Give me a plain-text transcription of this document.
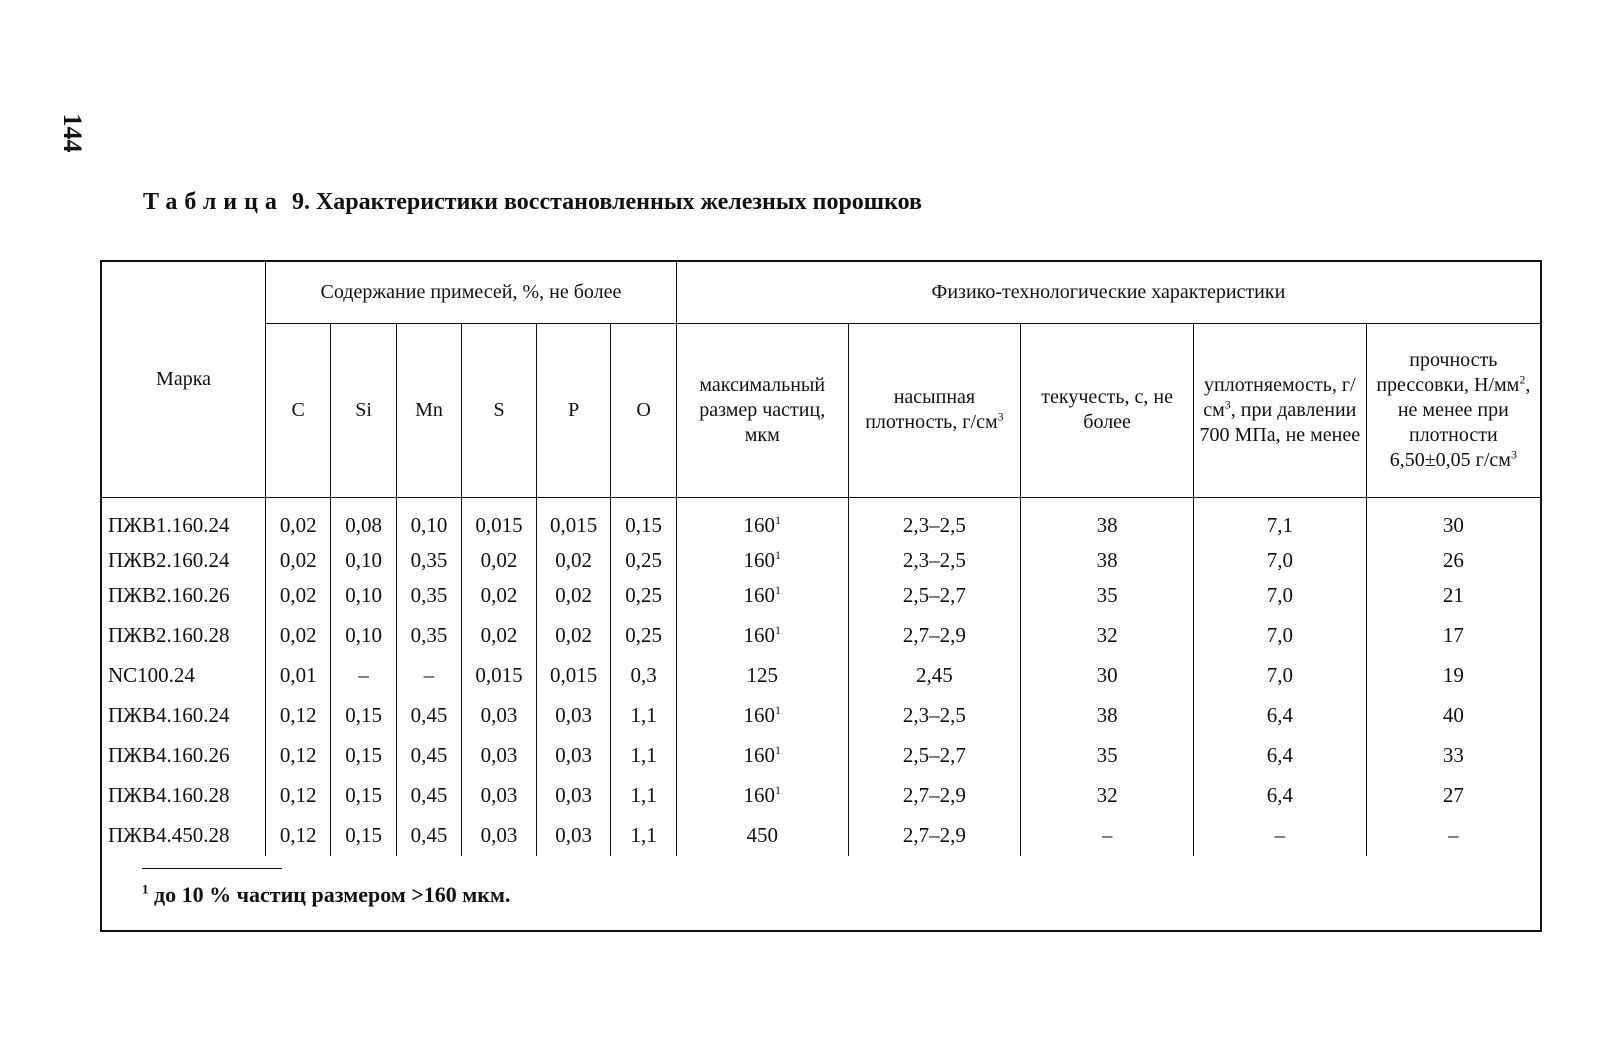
144
Таблица 9. Характеристики восстановленных железных порошков
Марка	Содержание примесей, %, не более						Физико-технологические характеристики				
	C	Si	Mn	S	P	O	максимальный размер частиц, мкм	насыпная плотность, $г/см^3$	текучесть, с, не более	уплотняемость, $г/см^3$, при давлении 700 МПа, не менее	прочность прессовки, $Н/мм^2$, не менее при плотности 6,50±0,05 $г/см^3$
ПЖВ1.160.24	0,02	0,08	0,10	0,015	0,015	0,15	$160^1$	2,3–2,5	38	7,1	30
ПЖВ2.160.24	0,02	0,10	0,35	0,02	0,02	0,25	$160^1$	2,3–2,5	38	7,0	26
ПЖВ2.160.26	0,02	0,10	0,35	0,02	0,02	0,25	$160^1$	2,5–2,7	35	7,0	21
ПЖВ2.160.28	0,02	0,10	0,35	0,02	0,02	0,25	$160^1$	2,7–2,9	32	7,0	17
NC100.24	0,01	–	–	0,015	0,015	0,3	125	2,45	30	7,0	19
ПЖВ4.160.24	0,12	0,15	0,45	0,03	0,03	1,1	$160^1$	2,3–2,5	38	6,4	40
ПЖВ4.160.26	0,12	0,15	0,45	0,03	0,03	1,1	$160^1$	2,5–2,7	35	6,4	33
ПЖВ4.160.28	0,12	0,15	0,45	0,03	0,03	1,1	$160^1$	2,7–2,9	32	6,4	27
ПЖВ4.450.28	0,12	0,15	0,45	0,03	0,03	1,1	450	2,7–2,9	–	–	–
$^1$ до 10 % частиц размером >160 мкм.
